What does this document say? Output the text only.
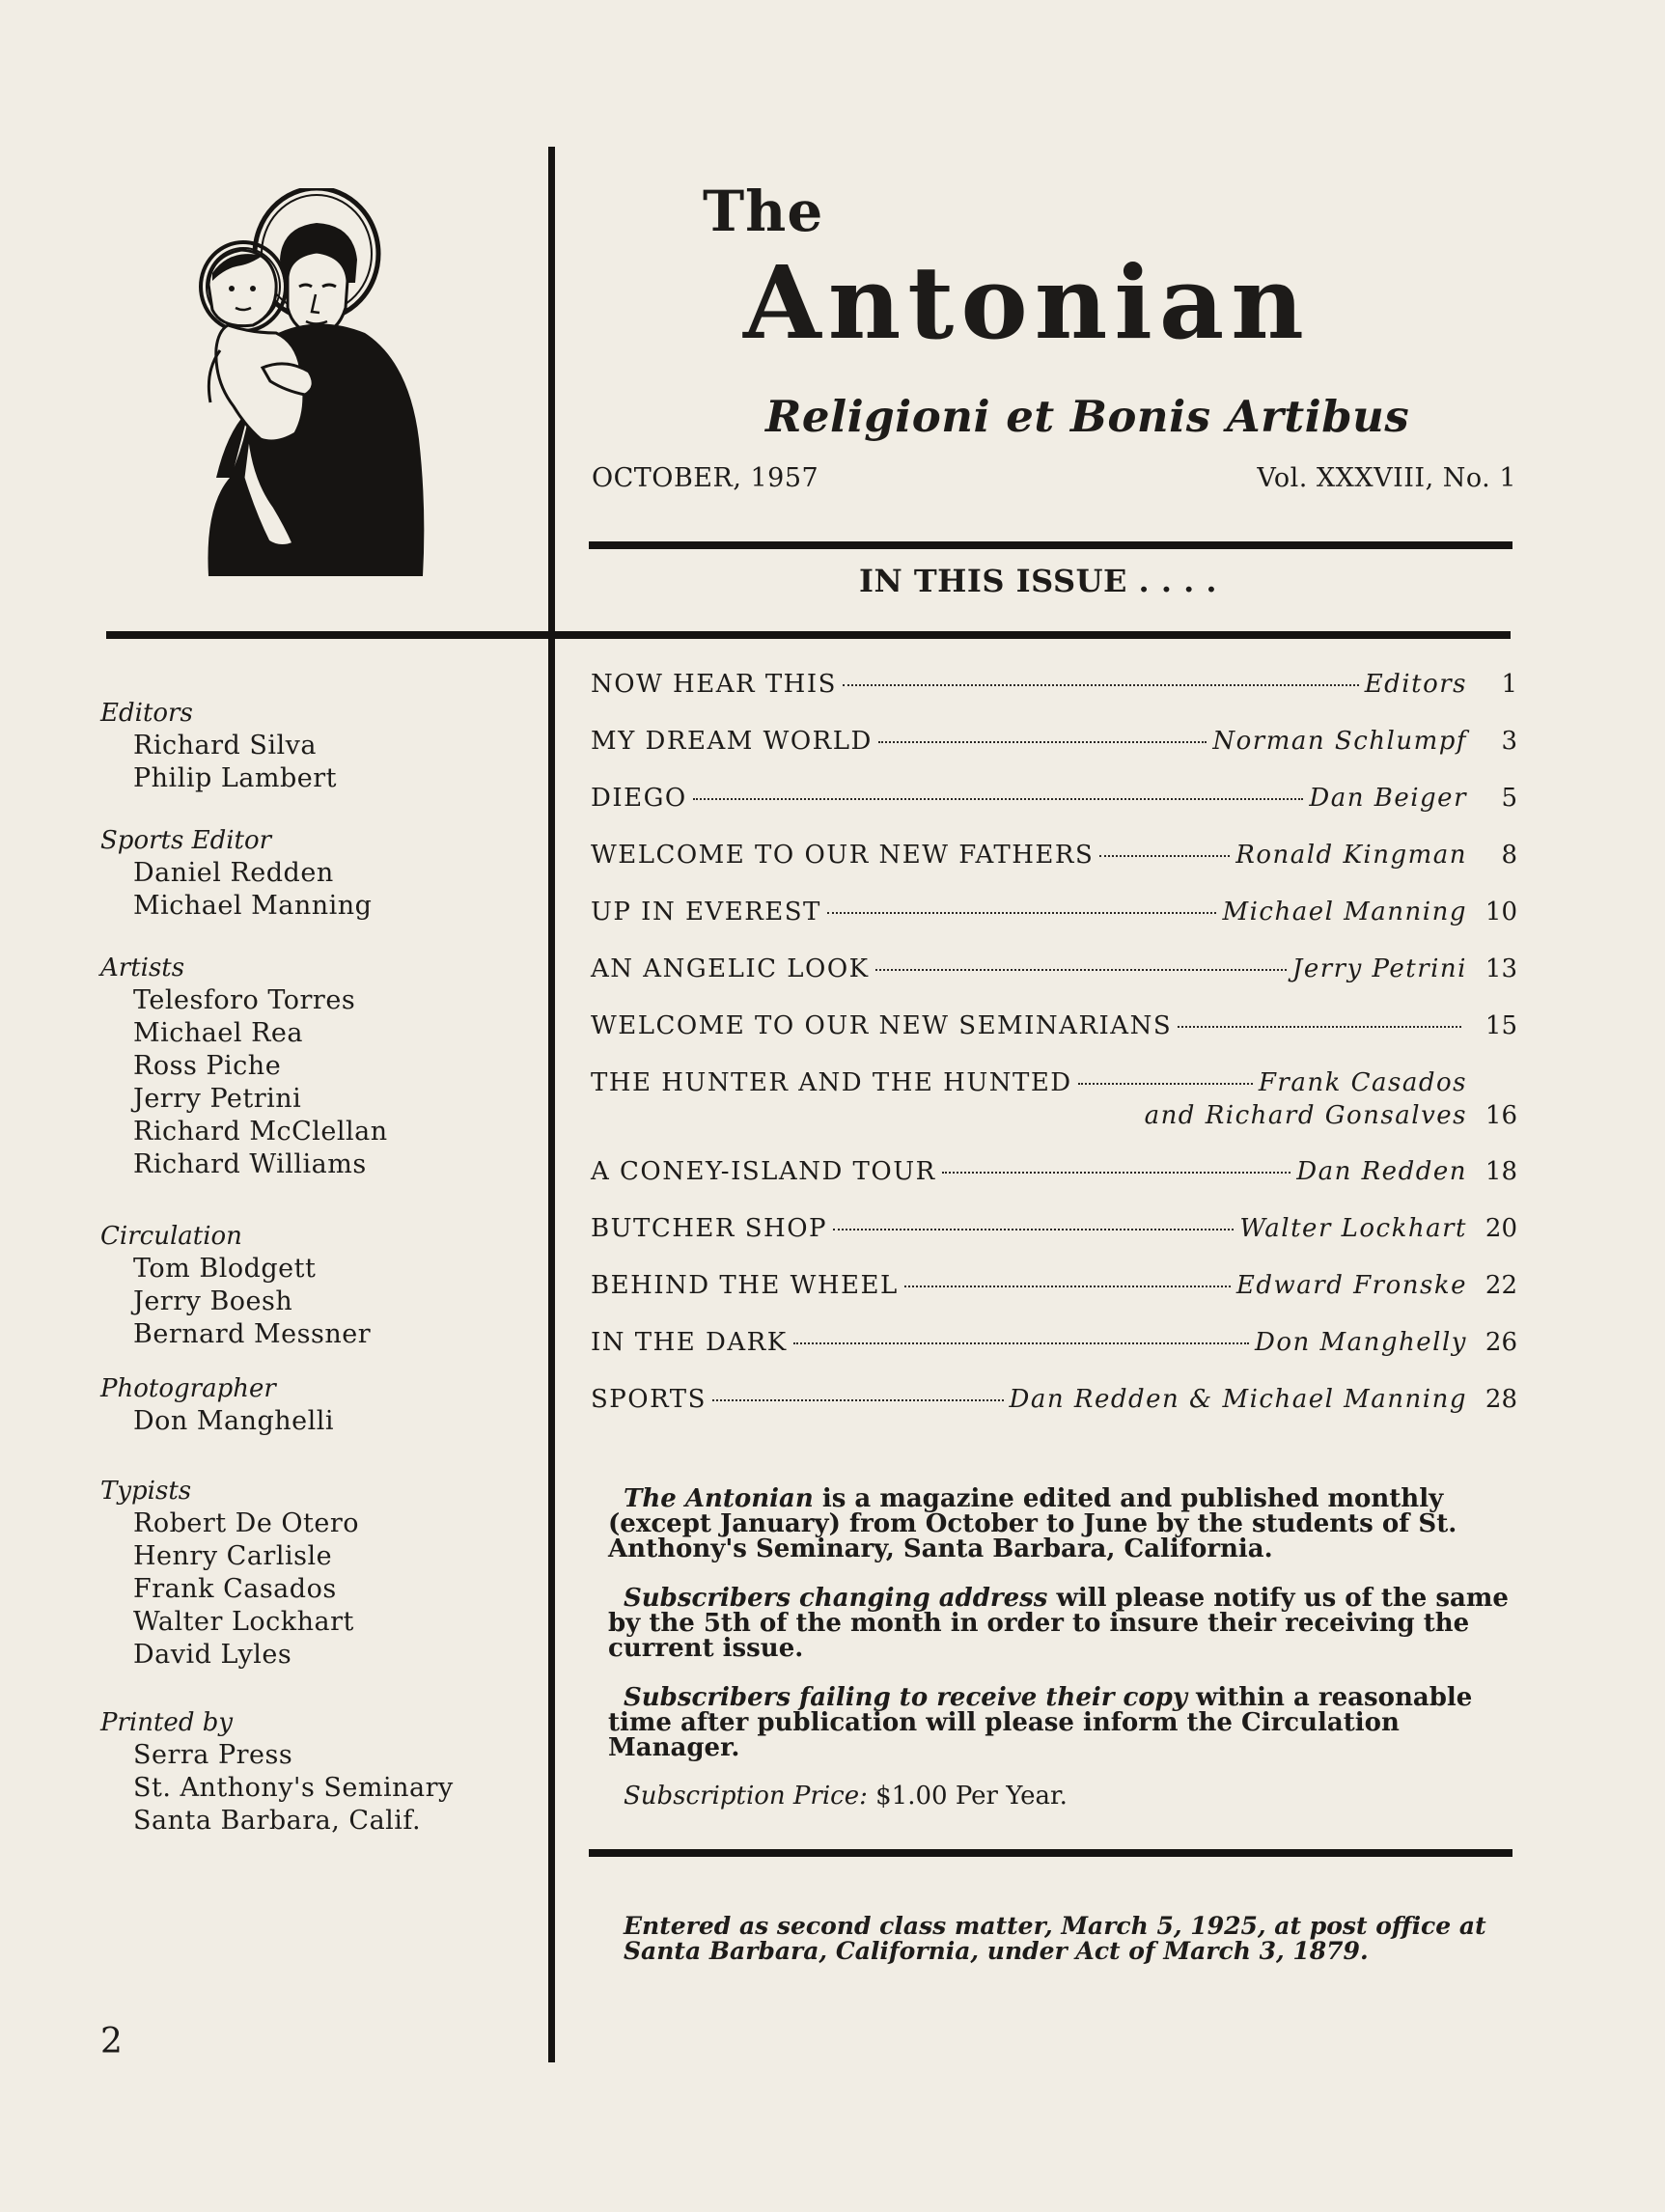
The
Antonian
Religioni et Bonis Artibus
OCTOBER, 1957	Vol. XXXVIII, No. 1
IN THIS ISSUE . . . .
Editors
Richard Silva
Philip Lambert
Sports Editor
Daniel Redden
Michael Manning
Artists
Telesforo Torres
Michael Rea
Ross Piche
Jerry Petrini
Richard McClellan
Richard Williams
Circulation
Tom Blodgett
Jerry Boesh
Bernard Messner
Photographer
Don Manghelli
Typists
Robert De Otero
Henry Carlisle
Frank Casados
Walter Lockhart
David Lyles
Printed by
Serra Press
St. Anthony's Seminary
Santa Barbara, Calif.
NOW HEAR THIS	Editors	1
MY DREAM WORLD	Norman Schlumpf	3
DIEGO	Dan Beiger	5
WELCOME TO OUR NEW FATHERS	Ronald Kingman	8
UP IN EVEREST	Michael Manning 10
AN ANGELIC LOOK	Jerry Petrini 13
WELCOME TO OUR NEW SEMINARIANS	15
THE HUNTER AND THE HUNTED	Frank Casados
and Richard Gonsalves 16
A CONEY-ISLAND TOUR	Dan Redden 18
BUTCHER SHOP	Walter Lockhart 20
BEHIND THE WHEEL	Edward Fronske 22
IN THE DARK	Don Manghelly 26
SPORTS	Dan Redden & Michael Manning 28

The Antonian is a magazine edited and published monthly (except January) from October to June by the students of St. Anthony's Seminary, Santa Barbara, California.

Subscribers changing address will please notify us of the same by the 5th of the month in order to insure their receiving the current issue.

Subscribers failing to receive their copy within a reasonable time after publication will please inform the Circulation Manager.

Subscription Price: $1.00 Per Year.

Entered as second class matter, March 5, 1925, at post office at Santa Barbara, California, under Act of March 3, 1879.

2
